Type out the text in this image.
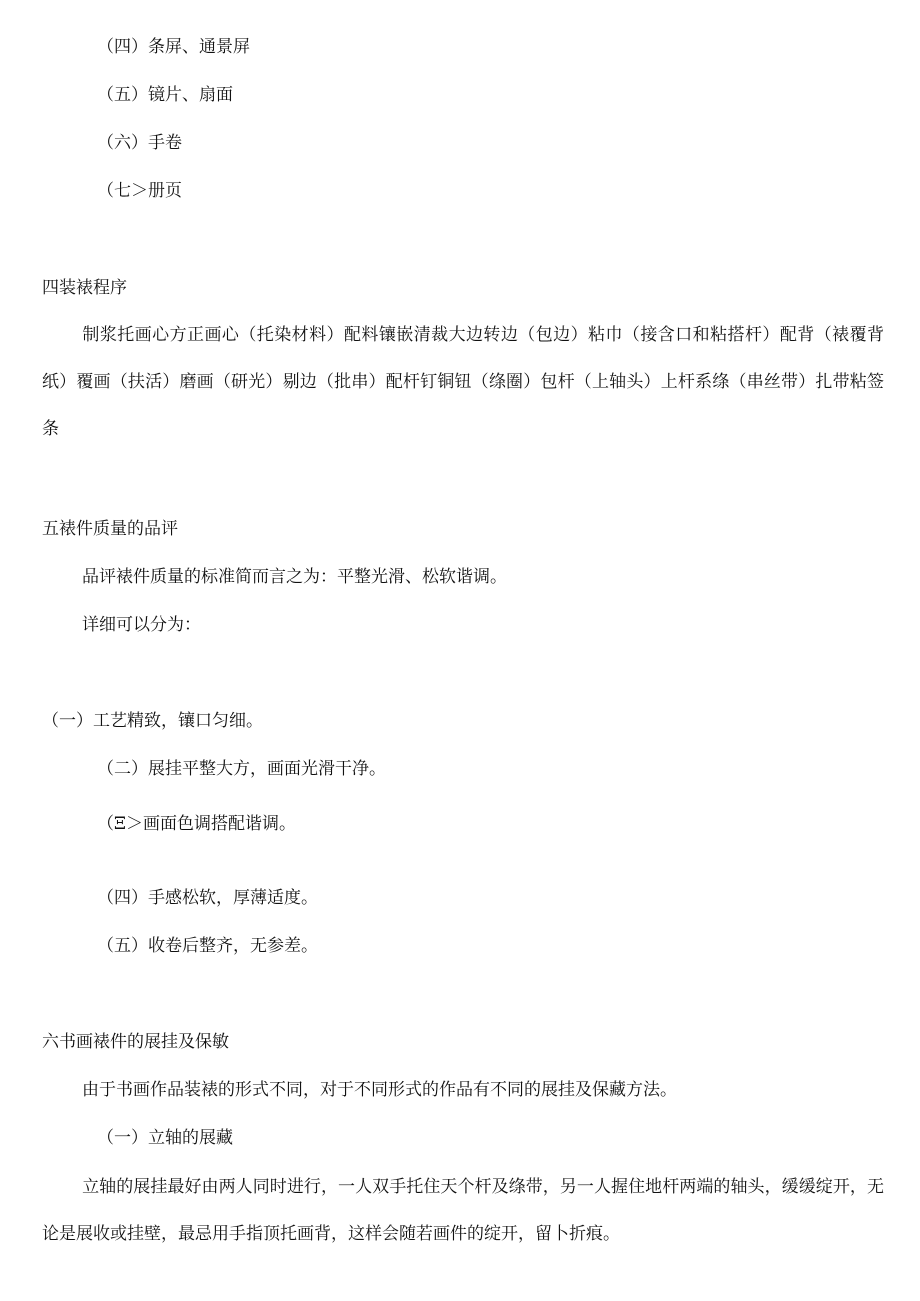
（四）条屏、通景屏

（五）镜片、扇面

（六）手卷

（七＞册页

四装裱程序

制浆托画心方正画心（托染材料）配料镶嵌清裁大边转边（包边）粘巾（接含口和粘搭杆）配背（裱覆背纸）覆画（扶活）磨画（研光）剔边（批串）配杆钉铜钮（绦圈）包杆（上轴头）上杆系绦（串丝带）扎带粘签条

五裱件质量的品评

品评裱件质量的标准简而言之为：平整光滑、松软谐调。

详细可以分为：

（一）工艺精致，镶口匀细。

（二）展挂平整大方，画面光滑干净。

（Ξ＞画面色调搭配谐调。

（四）手感松软，厚薄适度。

（五）收卷后整齐，无参差。

六书画裱件的展挂及保敏

由于书画作品装裱的形式不同，对于不同形式的作品有不同的展挂及保藏方法。

（一）立轴的展藏

立轴的展挂最好由两人同时进行，一人双手托住天个杆及绦带，另一人握住地杆两端的轴头，缓缓绽开，无论是展收或挂壁，最忌用手指顶托画背，这样会随若画件的绽开，留卜折痕。
